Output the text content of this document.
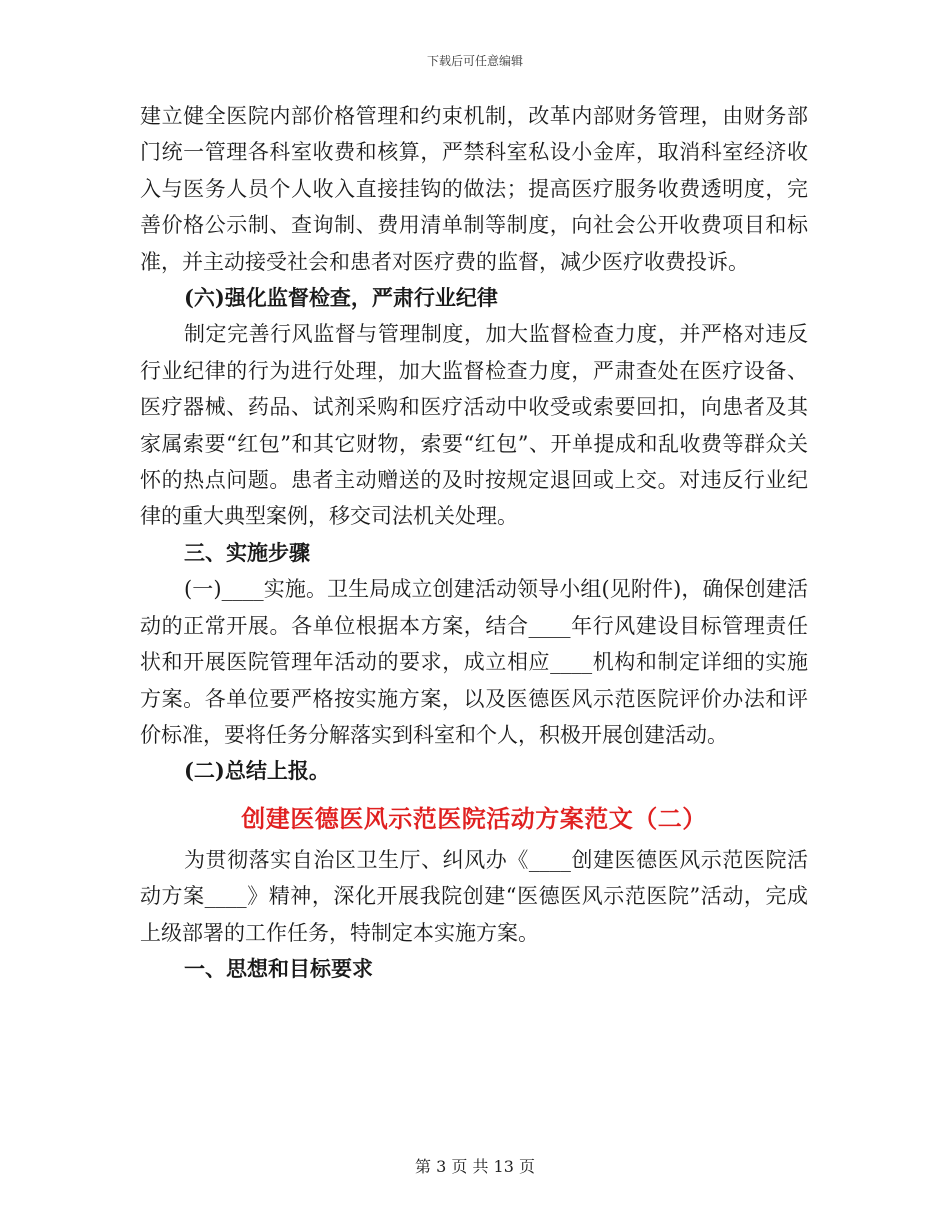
下载后可任意编辑

建立健全医院内部价格管理和约束机制，改革内部财务管理，由财务部门统一管理各科室收费和核算，严禁科室私设小金库，取消科室经济收入与医务人员个人收入直接挂钩的做法；提高医疗服务收费透明度，完善价格公示制、查询制、费用清单制等制度，向社会公开收费项目和标准，并主动接受社会和患者对医疗费的监督，减少医疗收费投诉。

(六)强化监督检查，严肃行业纪律

制定完善行风监督与管理制度，加大监督检查力度，并严格对违反行业纪律的行为进行处理，加大监督检查力度，严肃查处在医疗设备、医疗器械、药品、试剂采购和医疗活动中收受或索要回扣，向患者及其家属索要“红包”和其它财物，索要“红包”、开单提成和乱收费等群众关怀的热点问题。患者主动赠送的及时按规定退回或上交。对违反行业纪律的重大典型案例，移交司法机关处理。

三、实施步骤

(一)____实施。卫生局成立创建活动领导小组(见附件)，确保创建活动的正常开展。各单位根据本方案，结合____年行风建设目标管理责任状和开展医院管理年活动的要求，成立相应____机构和制定详细的实施方案。各单位要严格按实施方案，以及医德医风示范医院评价办法和评价标准，要将任务分解落实到科室和个人，积极开展创建活动。

(二)总结上报。

创建医德医风示范医院活动方案范文（二）

为贯彻落实自治区卫生厅、纠风办《____创建医德医风示范医院活动方案____》精神，深化开展我院创建“医德医风示范医院”活动，完成上级部署的工作任务，特制定本实施方案。

一、思想和目标要求

第 3 页 共 13 页
